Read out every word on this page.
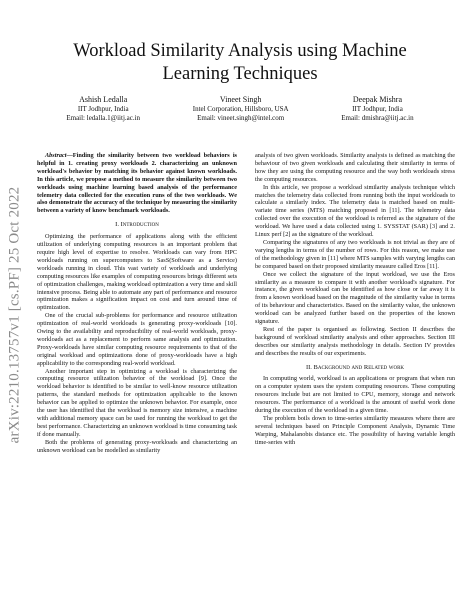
arXiv:2210.13757v1 [cs.PF] 25 Oct 2022
Workload Similarity Analysis using Machine
Learning Techniques
Ashish Ledalla
IIT Jodhpur, India
Email: ledalla.1@iitj.ac.in
Vineet Singh
Intel Corporation, Hillsboro, USA
Email: vineet.singh@intel.com
Deepak Mishra
IIT Jodhpur, India
Email: dmishra@iitj.ac.in

Abstract—Finding the similarity between two workload behaviors is helpful in 1. creating proxy workloads 2. characterizing an unknown workload's behavior by matching its behavior against known workloads. In this article, we propose a method to measure the similarity between two workloads using machine learning based analysis of the performance telemetry data collected for the execution runs of the two workloads. We also demonstrate the accuracy of the technique by measuring the similarity between a variety of know benchmark workloads.

I. Introduction

Optimizing the performance of applications along with the efficient utilization of underlying computing resources is an important problem that require high level of expertise to resolve. Workloads can vary from HPC workloads running on supercomputers to SasS(Software as a Service) workloads running in cloud. This vast variety of workloads and underlying computing resources like examples of computing resources brings different sets of optimization challenges, making workload optimization a very time and skill intensive process. Being able to automate any part of performance and resource optimization makes a signification impact on cost and turn around time of optimization.

One of the crucial sub-problems for performance and resource utilization optimization of real-world workloads is generating proxy-workloads [10]. Owing to the availability and reproducibility of real-world workloads, proxy-workloads act as a replacement to perform same analysis and optimization. Proxy-workloads have similar computing resource requirements to that of the original workload and optimizations done of proxy-workloads have a high applicability to the corresponding real-world workload.

Another important step in optimizing a workload is characterizing the computing resource utilization behavior of the workload [9]. Once the workload behavior is identified to be similar to well-know resource utilization patterns, the standard methods for optimization applicable to the known behavior can be applied to optimize the unknown behavior. For example, once the user has identified that the workload is memory size intensive, a machine with additional memory space can be used for running the workload to get the best performance. Characterizing an unknown workload is time consuming task if done manually.

Both the problems of generating proxy-workloads and characterizing an unknown workload can be modelled as similarity

analysis of two given workloads. Similarity analysis is defined as matching the behaviour of two given workloads and calculating their similarity in terms of how they are using the computing resource and the way both workloads stress the computing resources.

In this article, we propose a workload similarity analysis technique which matches the telemetry data collected from running both the input workloads to calculate a similarly index. The telemetry data is matched based on multi-variate time series (MTS) matching proposed in [11]. The telemetry data collected over the execution of the workload is referred as the signature of the workload. We have used a data collected using 1. SYSSTAT (SAR) [3] and 2. Linux perf [2] as the signature of the workload.

Comparing the signatures of any two workloads is not trivial as they are of varying lengths in terms of the number of rows. For this reason, we make use of the methodology given in [11] where MTS samples with varying lengths can be compared based on their proposed similarity measure called Eros [11].

Once we collect the signature of the input workload, we use the Eros similarity as a measure to compare it with another workload's signature. For instance, the given workload can be identified as how close or far away it is from a known workload based on the magnitude of the similarity value in terms of its behaviour and characteristics. Based on the similarity value, the unknown workload can be analyzed further based on the properties of the known signature.

Rest of the paper is organised as following. Section II describes the background of workload similarity analysis and other approaches. Section III describes our similarity analysis methodology in details. Section IV provides and describes the results of our experiments.

II. Background and Related work

In computing world, workload is an applications or program that when run on a computer system uses the system computing resources. These computing resources include but are not limited to CPU, memory, storage and network resources. The performance of a workload is the amount of useful work done during the execution of the workload in a given time.

The problem boils down to time-series similarity measures where there are several techniques based on Principle Component Analysis, Dynamic Time Warping, Mahalanobis distance etc. The possibility of having variable length time-series with
